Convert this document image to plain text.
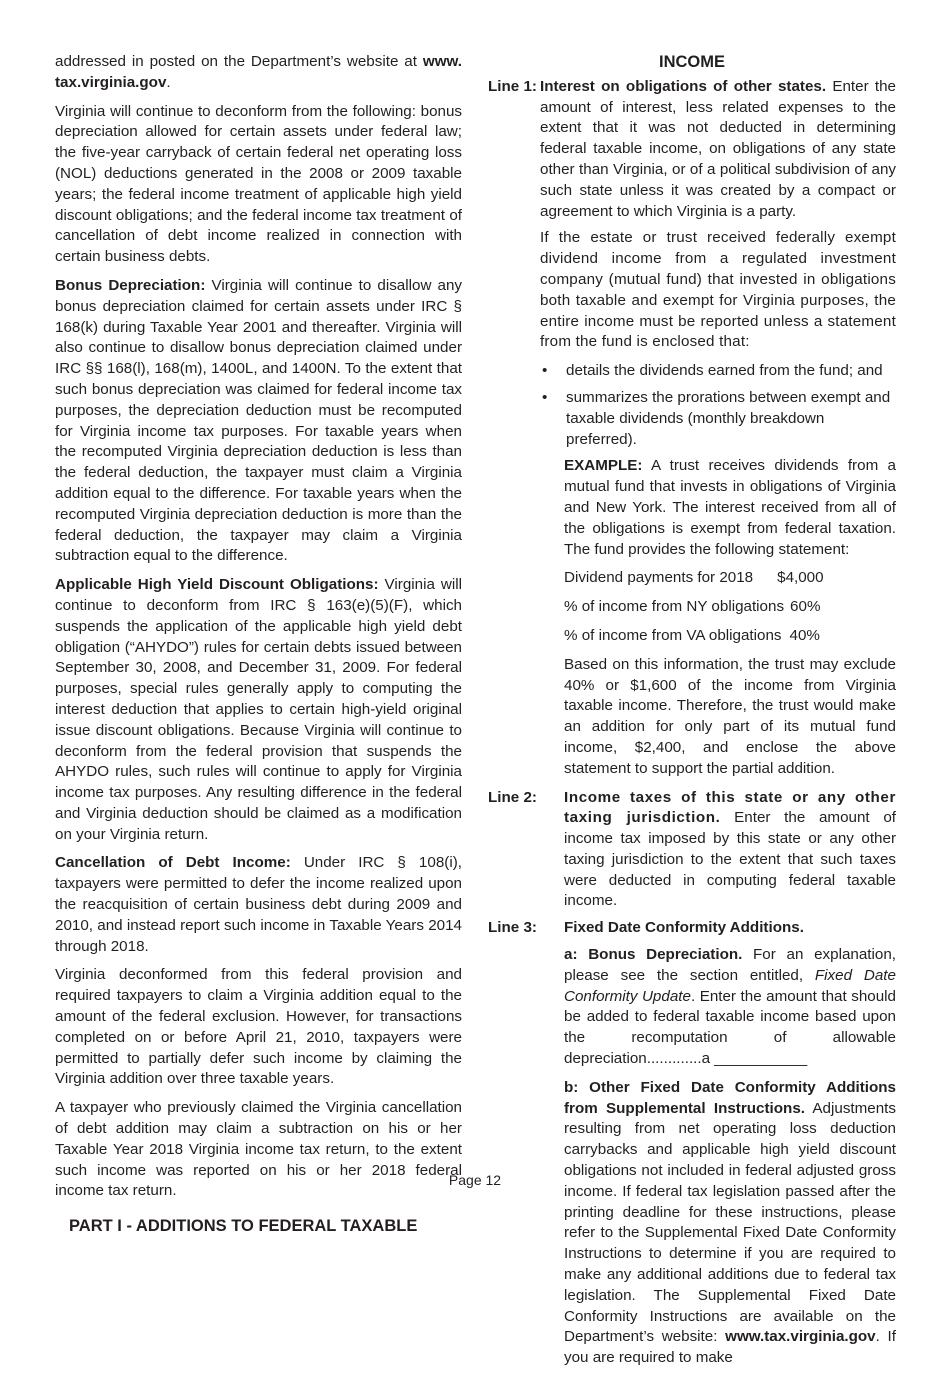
addressed in posted on the Department’s website at www. tax.virginia.gov.

Virginia will continue to deconform from the following: bonus depreciation allowed for certain assets under federal law; the five-year carryback of certain federal net operating loss (NOL) deductions generated in the 2008 or 2009 taxable years; the federal income treatment of applicable high yield discount obligations; and the federal income tax treatment of cancellation of debt income realized in connection with certain business debts.

Bonus Depreciation: Virginia will continue to disallow any bonus depreciation claimed for certain assets under IRC § 168(k) during Taxable Year 2001 and thereafter. Virginia will also continue to disallow bonus depreciation claimed under IRC §§ 168(l), 168(m), 1400L, and 1400N. To the extent that such bonus depreciation was claimed for federal income tax purposes, the depreciation deduction must be recomputed for Virginia income tax purposes. For taxable years when the recomputed Virginia depreciation deduction is less than the federal deduction, the taxpayer must claim a Virginia addition equal to the difference. For taxable years when the recomputed Virginia depreciation deduction is more than the federal deduction, the taxpayer may claim a Virginia subtraction equal to the difference.

Applicable High Yield Discount Obligations: Virginia will continue to deconform from IRC § 163(e)(5)(F), which suspends the application of the applicable high yield debt obligation (“AHYDO”) rules for certain debts issued between September 30, 2008, and December 31, 2009. For federal purposes, special rules generally apply to computing the interest deduction that applies to certain high-yield original issue discount obligations. Because Virginia will continue to deconform from the federal provision that suspends the AHYDO rules, such rules will continue to apply for Virginia income tax purposes. Any resulting difference in the federal and Virginia deduction should be claimed as a modification on your Virginia return.

Cancellation of Debt Income: Under IRC § 108(i), taxpayers were permitted to defer the income realized upon the reacquisition of certain business debt during 2009 and 2010, and instead report such income in Taxable Years 2014 through 2018.

Virginia deconformed from this federal provision and required taxpayers to claim a Virginia addition equal to the amount of the federal exclusion. However, for transactions completed on or before April 21, 2010, taxpayers were permitted to partially defer such income by claiming the Virginia addition over three taxable years.

A taxpayer who previously claimed the Virginia cancellation of debt addition may claim a subtraction on his or her Taxable Year 2018 Virginia income tax return, to the extent such income was reported on his or her 2018 federal income tax return.

PART I - ADDITIONS TO FEDERAL TAXABLE
INCOME
Line 1: Interest on obligations of other states. Enter the amount of interest, less related expenses to the extent that it was not deducted in determining federal taxable income, on obligations of any state other than Virginia, or of a political subdivision of any such state unless it was created by a compact or agreement to which Virginia is a party.

If the estate or trust received federally exempt dividend income from a regulated investment company (mutual fund) that invested in obligations both taxable and exempt for Virginia purposes, the entire income must be reported unless a statement from the fund is enclosed that:

•	details the dividends earned from the fund; and
•	summarizes the prorations between exempt and taxable dividends (monthly breakdown preferred).

EXAMPLE: A trust receives dividends from a mutual fund that invests in obligations of Virginia and New York. The interest received from all of the obligations is exempt from federal taxation. The fund provides the following statement:

Dividend payments for 2018 $4,000
% of income from NY obligations 60%
% of income from VA obligations 40%

Based on this information, the trust may exclude 40% or $1,600 of the income from Virginia taxable income. Therefore, the trust would make an addition for only part of its mutual fund income, $2,400, and enclose the above statement to support the partial addition.

Line 2: Income taxes of this state or any other taxing jurisdiction. Enter the amount of income tax imposed by this state or any other taxing jurisdiction to the extent that such taxes were deducted in computing federal taxable income.

Line 3: Fixed Date Conformity Additions.

a: Bonus Depreciation. For an explanation, please see the section entitled, Fixed Date Conformity Update. Enter the amount that should be added to federal taxable income based upon the recomputation of allowable depreciation.............a ___________

b: Other Fixed Date Conformity Additions from Supplemental Instructions. Adjustments resulting from net operating loss deduction carrybacks and applicable high yield discount obligations not included in federal adjusted gross income. If federal tax legislation passed after the printing deadline for these instructions, please refer to the Supplemental Fixed Date Conformity Instructions to determine if you are required to make any additional additions due to federal tax legislation. The Supplemental Fixed Date Conformity Instructions are available on the Department’s website: www.tax.virginia.gov. If you are required to make

Page 12
